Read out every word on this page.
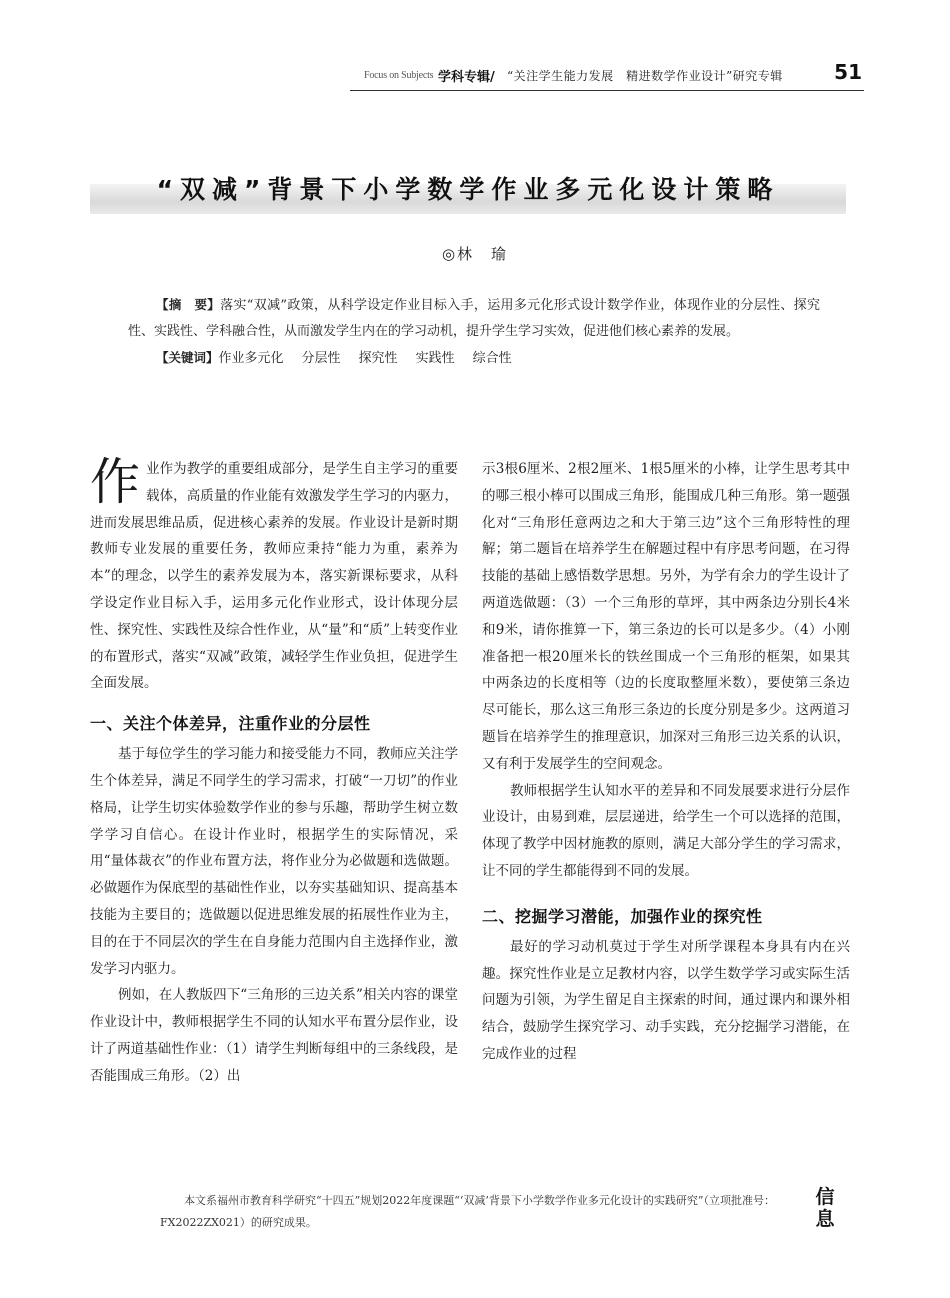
Focus on Subjects 学科专辑/ “关注学生能力发展　精进数学作业设计”研究专辑	51
“双减”背景下小学数学作业多元化设计策略
◎林　瑜

【摘　要】落实“双减”政策，从科学设定作业目标入手，运用多元化形式设计数学作业，体现作业的分层性、探究性、实践性、学科融合性，从而激发学生内在的学习动机，提升学生学习实效，促进他们核心素养的发展。

【关键词】作业多元化 分层性 探究性 实践性 综合性

作业作为教学的重要组成部分，是学生自主学习的重要载体，高质量的作业能有效激发学生学习的内驱力，进而发展思维品质，促进核心素养的发展。作业设计是新时期教师专业发展的重要任务，教师应秉持“能力为重，素养为本”的理念，以学生的素养发展为本，落实新课标要求，从科学设定作业目标入手，运用多元化作业形式，设计体现分层性、探究性、实践性及综合性作业，从“量”和“质”上转变作业的布置形式，落实“双减”政策，减轻学生作业负担，促进学生全面发展。

一、关注个体差异，注重作业的分层性

基于每位学生的学习能力和接受能力不同，教师应关注学生个体差异，满足不同学生的学习需求，打破“一刀切”的作业格局，让学生切实体验数学作业的参与乐趣，帮助学生树立数学学习自信心。在设计作业时，根据学生的实际情况，采用“量体裁衣”的作业布置方法，将作业分为必做题和选做题。必做题作为保底型的基础性作业，以夯实基础知识、提高基本技能为主要目的；选做题以促进思维发展的拓展性作业为主，目的在于不同层次的学生在自身能力范围内自主选择作业，激发学习内驱力。

例如，在人教版四下“三角形的三边关系”相关内容的课堂作业设计中，教师根据学生不同的认知水平布置分层作业，设计了两道基础性作业：（1）请学生判断每组中的三条线段，是否能围成三角形。（2）出

示3根6厘米、2根2厘米、1根5厘米的小棒，让学生思考其中的哪三根小棒可以围成三角形，能围成几种三角形。第一题强化对“三角形任意两边之和大于第三边”这个三角形特性的理解；第二题旨在培养学生在解题过程中有序思考问题，在习得技能的基础上感悟数学思想。另外，为学有余力的学生设计了两道选做题：（3）一个三角形的草坪，其中两条边分别长4米和9米，请你推算一下，第三条边的长可以是多少。（4）小刚准备把一根20厘米长的铁丝围成一个三角形的框架，如果其中两条边的长度相等（边的长度取整厘米数），要使第三条边尽可能长，那么这三角形三条边的长度分别是多少。这两道习题旨在培养学生的推理意识，加深对三角形三边关系的认识，又有利于发展学生的空间观念。

教师根据学生认知水平的差异和不同发展要求进行分层作业设计，由易到难，层层递进，给学生一个可以选择的范围，体现了教学中因材施教的原则，满足大部分学生的学习需求，让不同的学生都能得到不同的发展。

二、挖掘学习潜能，加强作业的探究性

最好的学习动机莫过于学生对所学课程本身具有内在兴趣。探究性作业是立足教材内容，以学生数学学习或实际生活问题为引领，为学生留足自主探索的时间，通过课内和课外相结合，鼓励学生探究学习、动手实践，充分挖掘学习潜能，在完成作业的过程

本文系福州市教育科学研究“十四五”规划2022年度课题“‘双减’背景下小学数学作业多元化设计的实践研究”（立项批准号：FX2022ZX021）的研究成果。

信
息
